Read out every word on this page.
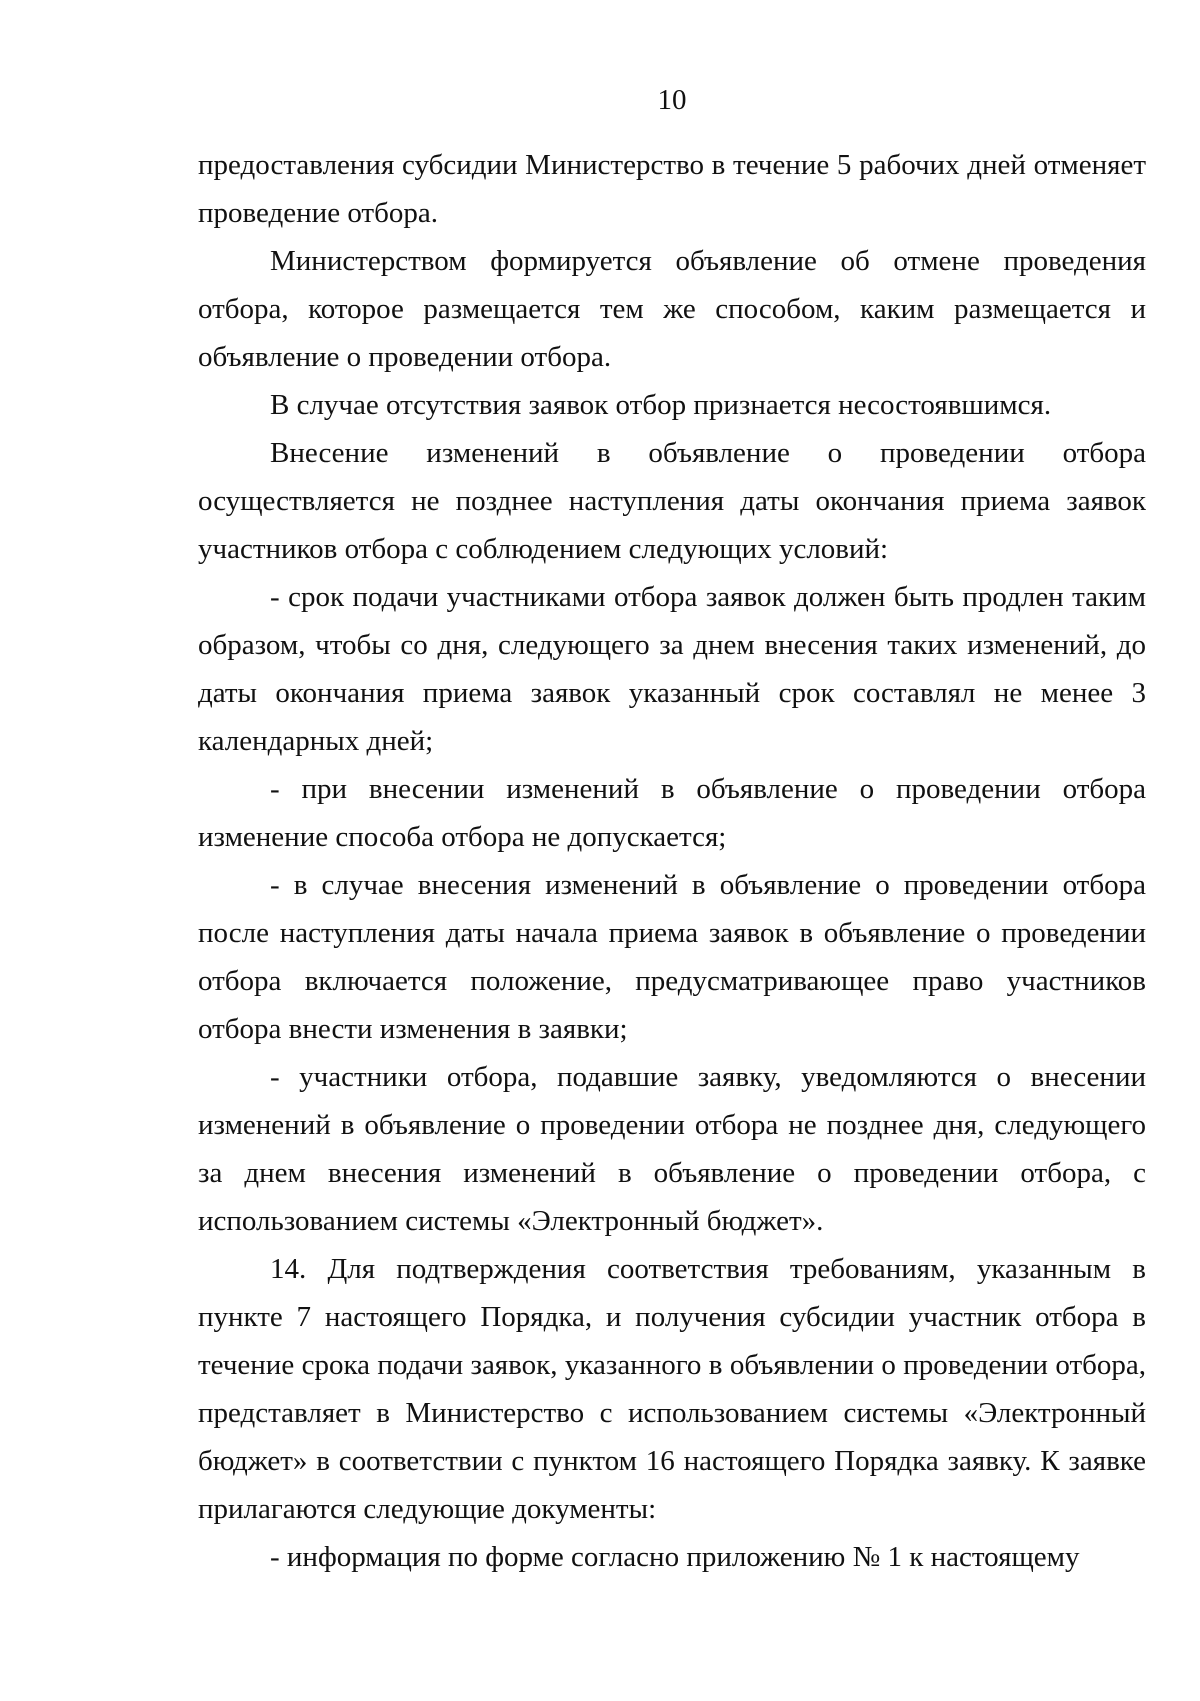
10

предоставления субсидии Министерство в течение 5 рабочих дней отменяет проведение отбора.

Министерством формируется объявление об отмене проведения отбора, которое размещается тем же способом, каким размещается и объявление о проведении отбора.

В случае отсутствия заявок отбор признается несостоявшимся.

Внесение изменений в объявление о проведении отбора осуществляется не позднее наступления даты окончания приема заявок участников отбора с соблюдением следующих условий:

- срок подачи участниками отбора заявок должен быть продлен таким образом, чтобы со дня, следующего за днем внесения таких изменений, до даты окончания приема заявок указанный срок составлял не менее 3 календарных дней;

- при внесении изменений в объявление о проведении отбора изменение способа отбора не допускается;

- в случае внесения изменений в объявление о проведении отбора после наступления даты начала приема заявок в объявление о проведении отбора включается положение, предусматривающее право участников отбора внести изменения в заявки;

- участники отбора, подавшие заявку, уведомляются о внесении изменений в объявление о проведении отбора не позднее дня, следующего за днем внесения изменений в объявление о проведении отбора, с использованием системы «Электронный бюджет».

14. Для подтверждения соответствия требованиям, указанным в пункте 7 настоящего Порядка, и получения субсидии участник отбора в течение срока подачи заявок, указанного в объявлении о проведении отбора, представляет в Министерство с использованием системы «Электронный бюджет» в соответствии с пунктом 16 настоящего Порядка заявку. К заявке прилагаются следующие документы:

- информация по форме согласно приложению № 1 к настоящему
